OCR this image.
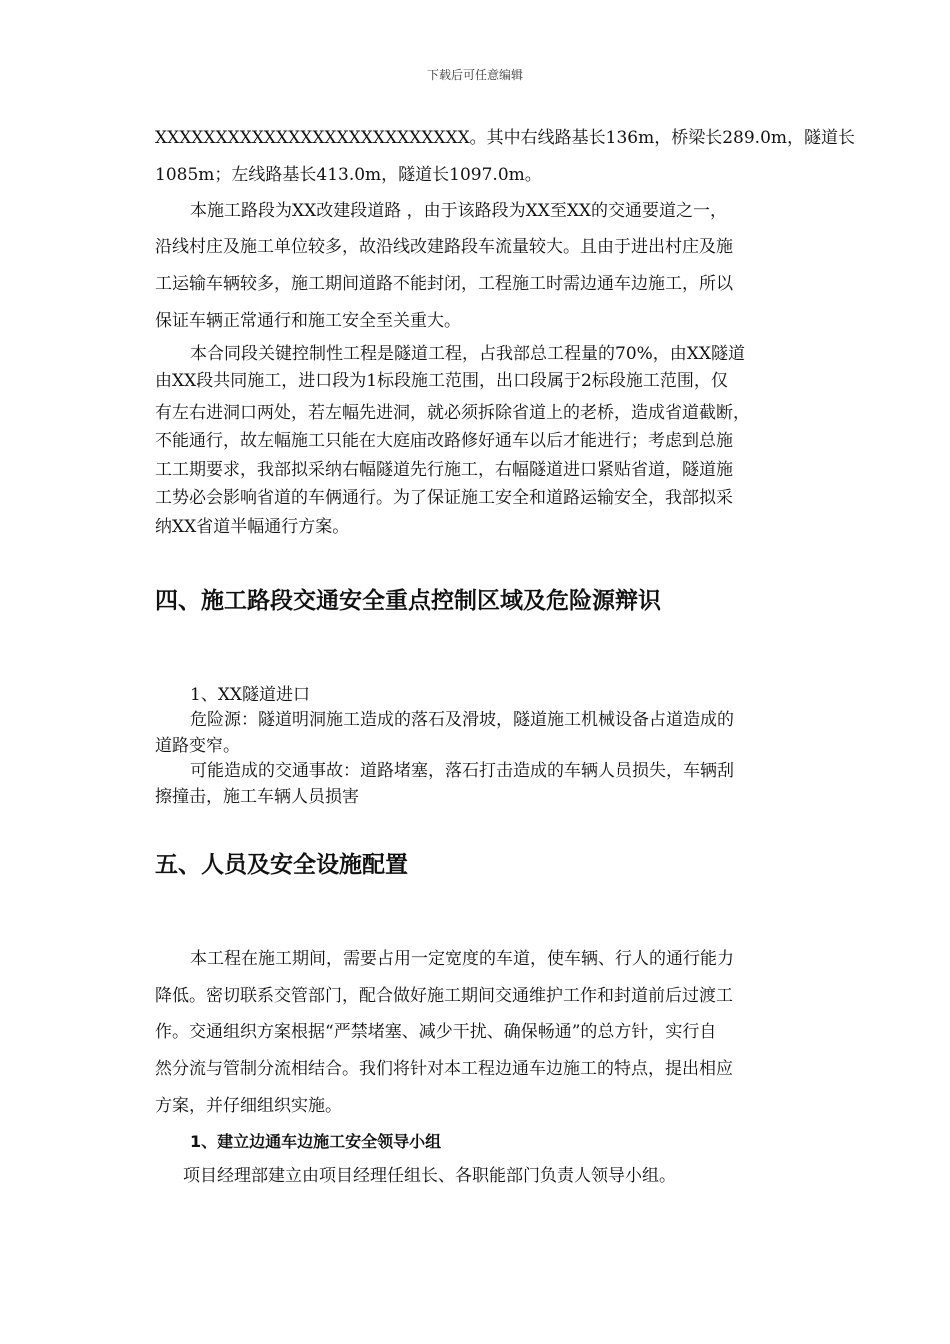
下载后可任意编辑
XXXXXXXXXXXXXXXXXXXXXXXXXX。其中右线路基长136m，桥梁长289.0m，隧道长
1085m；左线路基长413.0m，隧道长1097.0m。
本施工路段为XX改建段道路 ，由于该路段为XX至XX的交通要道之一，
沿线村庄及施工单位较多，故沿线改建路段车流量较大。且由于进出村庄及施
工运输车辆较多，施工期间道路不能封闭，工程施工时需边通车边施工，所以
保证车辆正常通行和施工安全至关重大。
本合同段关键控制性工程是隧道工程，占我部总工程量的70%，由XX隧道
由XX段共同施工，进口段为1标段施工范围，出口段属于2标段施工范围，仅
有左右进洞口两处，若左幅先进洞，就必须拆除省道上的老桥，造成省道截断，
不能通行，故左幅施工只能在大庭庙改路修好通车以后才能进行；考虑到总施
工工期要求，我部拟采纳右幅隧道先行施工，右幅隧道进口紧贴省道，隧道施
工势必会影响省道的车俩通行。为了保证施工安全和道路运输安全，我部拟采
纳XX省道半幅通行方案。
四、施工路段交通安全重点控制区域及危险源辩识
1、XX隧道进口
危险源：隧道明洞施工造成的落石及滑坡，隧道施工机械设备占道造成的
道路变窄。
可能造成的交通事故：道路堵塞，落石打击造成的车辆人员损失，车辆刮
擦撞击，施工车辆人员损害
五、人员及安全设施配置
本工程在施工期间，需要占用一定宽度的车道，使车辆、行人的通行能力
降低。密切联系交管部门，配合做好施工期间交通维护工作和封道前后过渡工
作。交通组织方案根据“严禁堵塞、减少干扰、确保畅通”的总方针，实行自
然分流与管制分流相结合。我们将针对本工程边通车边施工的特点，提出相应
方案，并仔细组织实施。
1、建立边通车边施工安全领导小组
项目经理部建立由项目经理任组长、各职能部门负责人领导小组。
